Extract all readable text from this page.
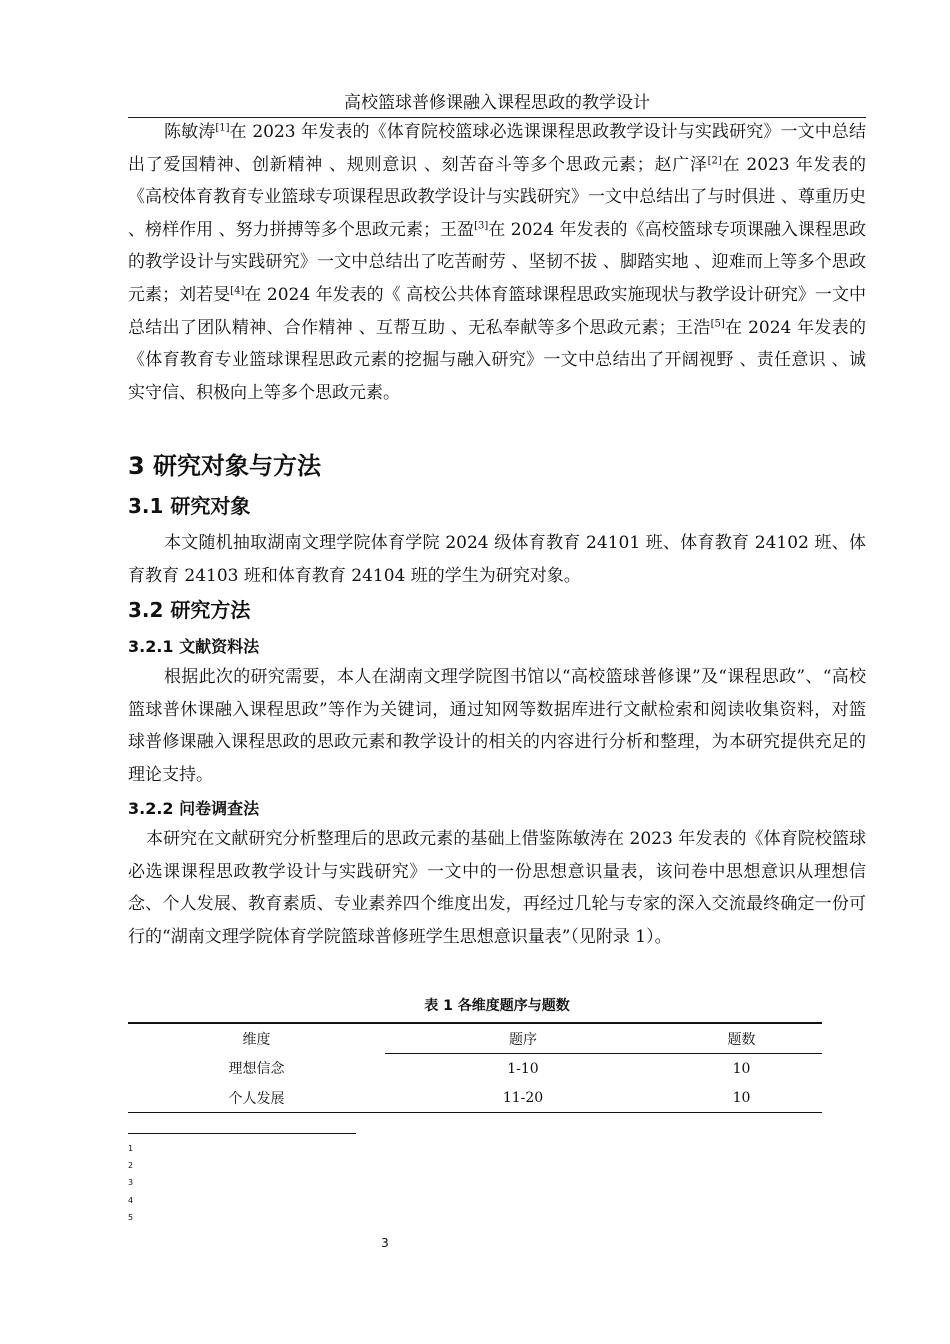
高校篮球普修课融入课程思政的教学设计

陈敏涛[1]在 2023 年发表的《体育院校篮球必选课课程思政教学设计与实践研究》一文中总结出了爱国精神、创新精神 、规则意识 、刻苦奋斗等多个思政元素；赵广泽[2]在 2023 年发表的《高校体育教育专业篮球专项课程思政教学设计与实践研究》一文中总结出了与时俱进 、尊重历史 、榜样作用 、努力拼搏等多个思政元素；王盈[3]在 2024 年发表的《高校篮球专项课融入课程思政的教学设计与实践研究》一文中总结出了吃苦耐劳 、坚韧不拔 、脚踏实地 、迎难而上等多个思政元素；刘若旻[4]在 2024 年发表的《 高校公共体育篮球课程思政实施现状与教学设计研究》一文中总结出了团队精神、合作精神 、互帮互助 、无私奉献等多个思政元素；王浩[5]在 2024 年发表的《体育教育专业篮球课程思政元素的挖掘与融入研究》一文中总结出了开阔视野 、责任意识 、诚实守信、积极向上等多个思政元素。

3 研究对象与方法
3.1 研究对象

本文随机抽取湖南文理学院体育学院 2024 级体育教育 24101 班、体育教育 24102 班、体育教育 24103 班和体育教育 24104 班的学生为研究对象。

3.2 研究方法
3.2.1 文献资料法

根据此次的研究需要，本人在湖南文理学院图书馆以“高校篮球普修课”及“课程思政”、“高校篮球普休课融入课程思政”等作为关键词，通过知网等数据库进行文献检索和阅读收集资料，对篮球普修课融入课程思政的思政元素和教学设计的相关的内容进行分析和整理，为本研究提供充足的理论支持。

3.2.2 问卷调查法

本研究在文献研究分析整理后的思政元素的基础上借鉴陈敏涛在 2023 年发表的《体育院校篮球必选课课程思政教学设计与实践研究》一文中的一份思想意识量表，该问卷中思想意识从理想信念、个人发展、教育素质、专业素养四个维度出发，再经过几轮与专家的深入交流最终确定一份可行的“湖南文理学院体育学院篮球普修班学生思想意识量表”（见附录 1）。

表 1 各维度题序与题数
维度	题序	题数
理想信念	1-10	10
个人发展	11-20	10
1
2
3
4
5
3
